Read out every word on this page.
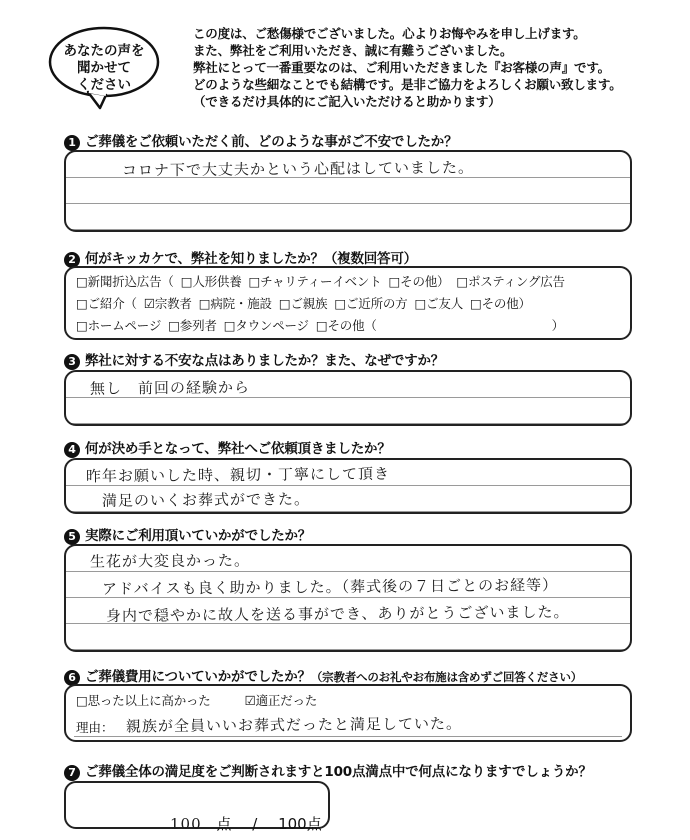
あなたの声を
聞かせて
ください
この度は、ご愁傷様でございました。心よりお悔やみを申し上げます。
また、弊社をご利用いただき、誠に有難うございました。
弊社にとって一番重要なのは、ご利用いただきました『お客様の声』です。
どのような些細なことでも結構です。是非ご協力をよろしくお願い致します。
（できるだけ具体的にご記入いただけると助かります）
1 ご葬儀をご依頼いただく前、どのような事がご不安でしたか？
コロナ下で大丈夫かという心配はしていました。
2 何がキッカケで、弊社を知りましたか？（複数回答可）
□新聞折込広告（ □人形供養 □チャリティーイベント □その他） □ポスティング広告
□ご紹介（ ☑宗教者 □病院・施設 □ご親族 □ご近所の方 □ご友人 □その他）
□ホームページ □参列者 □タウンページ □その他（	）
3 弊社に対する不安な点はありましたか？また、なぜですか？
無し　前回の経験から
4 何が決め手となって、弊社へご依頼頂きましたか？
昨年お願いした時、親切・丁寧にして頂き
満足のいくお葬式ができた。
5 実際にご利用頂いていかがでしたか？
生花が大変良かった。
アドバイスも良く助かりました。（葬式後の７日ごとのお経等）
身内で穏やかに故人を送る事ができ、ありがとうございました。
6 ご葬儀費用についていかがでしたか？（宗教者へのお礼やお布施は含めずご回答ください）
□思った以上に高かった	☑適正だった
理由： 親族が全員いいお葬式だったと満足していた。
7 ご葬儀全体の満足度をご判断されますと100点満点中で何点になりますでしょうか？
100 点 / 100点
